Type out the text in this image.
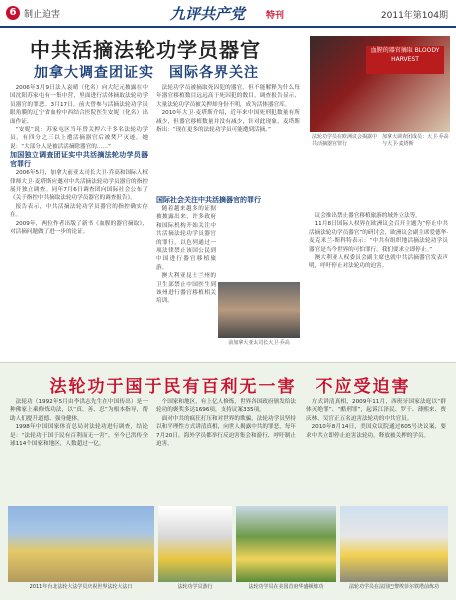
6 制止迫害	九评共产党 特刊	2011年第104期
中共活摘法轮功学员器官
加拿大调查团证实　国际各界关注

2006年3月9日法人袁晴（化名）向大纪元披露在中国沈阳苏家屯有一集中营，里面进行活体摘取法轮功学员器官的罪恶。3月17日，前夫曾参与活摘法轮功学员眼角膜的辽宁省血栓中西结合医院医生安妮（化名）出面作证。

“安妮”说：苏家屯区当年曾关押六千多名法轮功学员，有四分之三以上遭活摘器官后被焚尸灭迹。她说：“大部分人是被活活摘除器官的……”

加国独立调查团证实中共活摘法轮功学员器官罪行

2006年5月，加拿大前亚太司长大卫·乔高和国际人权律师大卫·麦塔斯应邀对中共活摘法轮功学员器官的指控展开独立调查。同年7月6日调查团向国际社会公布了《关于指控中共摘取法轮功学员器官的调查报告》。

报告表示，中共活摘法轮功学员器官的指控确实存在。

2009年，两位作者出版了新书《血腥的器官摘取》，对活摘问题做了进一步的论证。

法轮功学员被摘取死囚犯的器官，但不能解释为什么每年器官移植数目远远高于死囚犯的数目。调查报告显示，大量法轮功学员被关押却身份不明，成为活体器官库。

2010年大卫·麦塔斯介绍，近年来中国死刑犯数量有所减少，但器官移植数量并没有减少，针对此现象，麦塔斯指出：“现在更多的法轮功学员可能遭到活摘。”

国际社会关注中共活摘器官的罪行

随着越来越多的证据被披露出来，许多政府和国际机构开始关注中共活摘法轮功学员器官的罪行，以色列通过一项法律禁止该国公民到中国进行器官移植旅游。

澳大利亚昆士兰州的卫生部禁止中国医生到该州进行器官移植相关培训。

血腥的器官摘取 BLOODY HARVEST
法轮功学员在欧洲议会揭露中共活摘器官罪行
加拿大调查团成员：大卫·乔高与大卫·麦塔斯
前加拿大亚太司长大卫·乔高

议会推出禁止器官移植旅游的域外立法等。

11月8日国际人权界在欧洲议会召开主题为“停止中共活摘法轮功学员器官”的研讨会，欧洲议会副主席爱德华·麦克米兰-斯科特表示：“中共有组织地活摘法轮功学员器官是当今世界的可怕罪行。我们要求立即停止。”

澳大利亚人权委员会副主席也就中共活摘器官发表声明，呼吁停止对法轮功的迫害。

法轮功于国于民有百利无一害　不应受迫害

法轮功（1992年5月由李洪志先生在中国传出）是一种佛家上乘修炼功法，以“真、善、忍”为根本指导，帮助人们提升道德、强身健体。

1998年中国国家体育总局对法轮功进行调查，结论是：“法轮功于国于民有百利而无一害”。至今已洪传全球114个国家和地区，人数超过一亿。

个国家和地区，有上亿人修炼，世界各国政府颁发给法轮功的褒奖多达1696项，支持议案335项。

面对中共的疯狂打压和对世界的欺骗，法轮功学员坚持以和平理性方式讲清真相，向世人揭露中共的罪恶，每年7月20日，海外学员都举行反迫害集会和游行，呼吁制止迫害。

方式讲清真相，2009年11月，西班牙国家法庭以“群体灭绝罪”、“酷刑罪”，起诉江泽民、罗干、薄熙来、贾庆林、吴官正五名迫害法轮功的中共官员。

2010年8月14日，美国众议院通过605号决议案，要求中共立即停止迫害法轮功，释放被关押的学员。

2011年台北法轮大法学员庆祝世界法轮大法日	法轮功学员游行	法轮功学员在美国首府华盛顿炼功	法轮功学员在法国巴黎埃菲尔铁塔前炼功
